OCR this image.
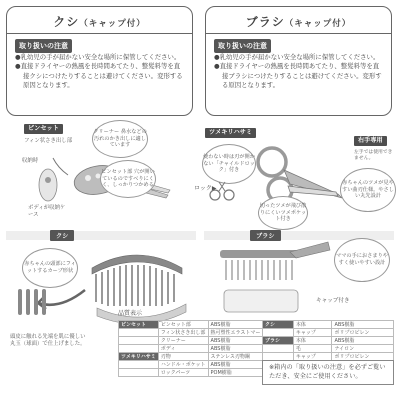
クシ（キャップ付）
取り扱いの注意
●乳幼児の手が届かない安全な場所に保管してください。
●直接ドライヤーの熱風を長時間あてたり、整髪料等を直接クシにつけたりすることは避けてください。変形する原因となります。
ブラシ（キャップ付）
取り扱いの注意
●乳幼児の手が届かない安全な場所に保管してください。
●直接ドライヤーの熱風を長時間あてたり、整髪料等を直接ブラシにつけたりすることは避けてください。変形する原因となります。
ピンセット
フィン状さき出し部
収納時
ボディが収納ケース
クリーナー 鼻水などの汚れのかき出しに適しています
ピンセット部 穴が開いているのですべりにくく、しっかりつかめる
ツメキリハサミ
使わない時は刃が開かない「チャイルドロック」付き
ロック▶
切ったツメが飛び散りにくいツメポケット付き
右手専用
左手では使用できません。
赤ちゃんのツメが見やすい曲刃仕様。やさしい丸先設計
クシ
赤ちゃんの頭部にフィットするカーブ形状
mikihouse
頭皮に触れる先端を肌に優しい丸玉（球面）で仕上げました。
ブラシ
ママの手におさまりやすく使いやすい設計
キャップ付き
品質表示
ピンセット	ピンセット部	ABS樹脂
	フィン状さき出し部	熱可塑性エラストマー
	クリーナー	ABS樹脂
	ボディ	ABS樹脂
ツメキリハサミ	刃物	ステンレス刃物鋼
	ハンドル・ポケット	ABS樹脂
	ロックパーツ	POM樹脂
クシ	本体	ABS樹脂
	キャップ	ポリプロピレン
ブラシ	本体	ABS樹脂
	毛	ナイロン
	キャップ	ポリプロピレン
※箱内の「取り扱いの注意」を必ずご覧いただき、安全にご使用ください。
